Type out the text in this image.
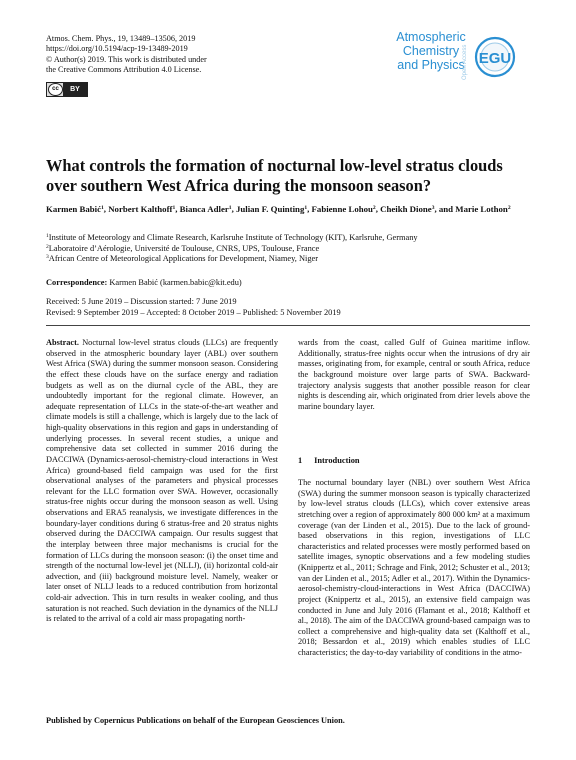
Atmos. Chem. Phys., 19, 13489–13506, 2019
https://doi.org/10.5194/acp-19-13489-2019
© Author(s) 2019. This work is distributed under
the Creative Commons Attribution 4.0 License.
cc	BY
Atmospheric
Chemistry
and Physics
Open Access EGU
What controls the formation of nocturnal low-level stratus clouds over southern West Africa during the monsoon season?
Karmen Babić$^1$, Norbert Kalthoff$^1$, Bianca Adler$^1$, Julian F. Quinting$^1$, Fabienne Lohou$^2$, Cheikh Dione$^3$, and Marie Lothon$^2$
$^1$Institute of Meteorology and Climate Research, Karlsruhe Institute of Technology (KIT), Karlsruhe, Germany
$^2$Laboratoire d’Aérologie, Université de Toulouse, CNRS, UPS, Toulouse, France
$^3$African Centre of Meteorological Applications for Development, Niamey, Niger
Correspondence: Karmen Babić (karmen.babic@kit.edu)
Received: 5 June 2019 – Discussion started: 7 June 2019
Revised: 9 September 2019 – Accepted: 8 October 2019 – Published: 5 November 2019
Abstract. Nocturnal low-level stratus clouds (LLCs) are frequently observed in the atmospheric boundary layer (ABL) over southern West Africa (SWA) during the summer monsoon season. Considering the effect these clouds have on the surface energy and radiation budgets as well as on the diurnal cycle of the ABL, they are undoubtedly important for the regional climate. However, an adequate representation of LLCs in the state-of-the-art weather and climate models is still a challenge, which is largely due to the lack of high-quality observations in this region and gaps in understanding of underlying processes. In several recent studies, a unique and comprehensive data set collected in summer 2016 during the DACCIWA (Dynamics-aerosol-chemistry-cloud interactions in West Africa) ground-based field campaign was used for the first observational analyses of the parameters and physical processes relevant for the LLC formation over SWA. However, occasionally stratus-free nights occur during the monsoon season as well. Using observations and ERA5 reanalysis, we investigate differences in the boundary-layer conditions during 6 stratus-free and 20 stratus nights observed during the DACCIWA campaign. Our results suggest that the interplay between three major mechanisms is crucial for the formation of LLCs during the monsoon season: (i) the onset time and strength of the nocturnal low-level jet (NLLJ), (ii) horizontal cold-air advection, and (iii) background moisture level. Namely, weaker or later onset of NLLJ leads to a reduced contribution from horizontal cold-air advection. This in turn results in weaker cooling, and thus saturation is not reached. Such deviation in the dynamics of the NLLJ is related to the arrival of a cold air mass propagating north-
wards from the coast, called Gulf of Guinea maritime inflow. Additionally, stratus-free nights occur when the intrusions of dry air masses, originating from, for example, central or south Africa, reduce the background moisture over large parts of SWA. Backward-trajectory analysis suggests that another possible reason for clear nights is descending air, which originated from drier levels above the marine boundary layer.
1 Introduction
The nocturnal boundary layer (NBL) over southern West Africa (SWA) during the summer monsoon season is typically characterized by low-level stratus clouds (LLCs), which cover extensive areas stretching over a region of approximately 800 000 km² at a maximum coverage (van der Linden et al., 2015). Due to the lack of ground-based observations in this region, investigations of LLC characteristics and related processes were mostly performed based on satellite images, synoptic observations and a few modeling studies (Knippertz et al., 2011; Schrage and Fink, 2012; Schuster et al., 2013; van der Linden et al., 2015; Adler et al., 2017). Within the Dynamics-aerosol-chemistry-cloud-interactions in West Africa (DACCIWA) project (Knippertz et al., 2015), an extensive field campaign was conducted in June and July 2016 (Flamant et al., 2018; Kalthoff et al., 2018). The aim of the DACCIWA ground-based campaign was to collect a comprehensive and high-quality data set (Kalthoff et al., 2018; Bessardon et al., 2019) which enables studies of LLC characteristics; the day-to-day variability of conditions in the atmo-
Published by Copernicus Publications on behalf of the European Geosciences Union.
